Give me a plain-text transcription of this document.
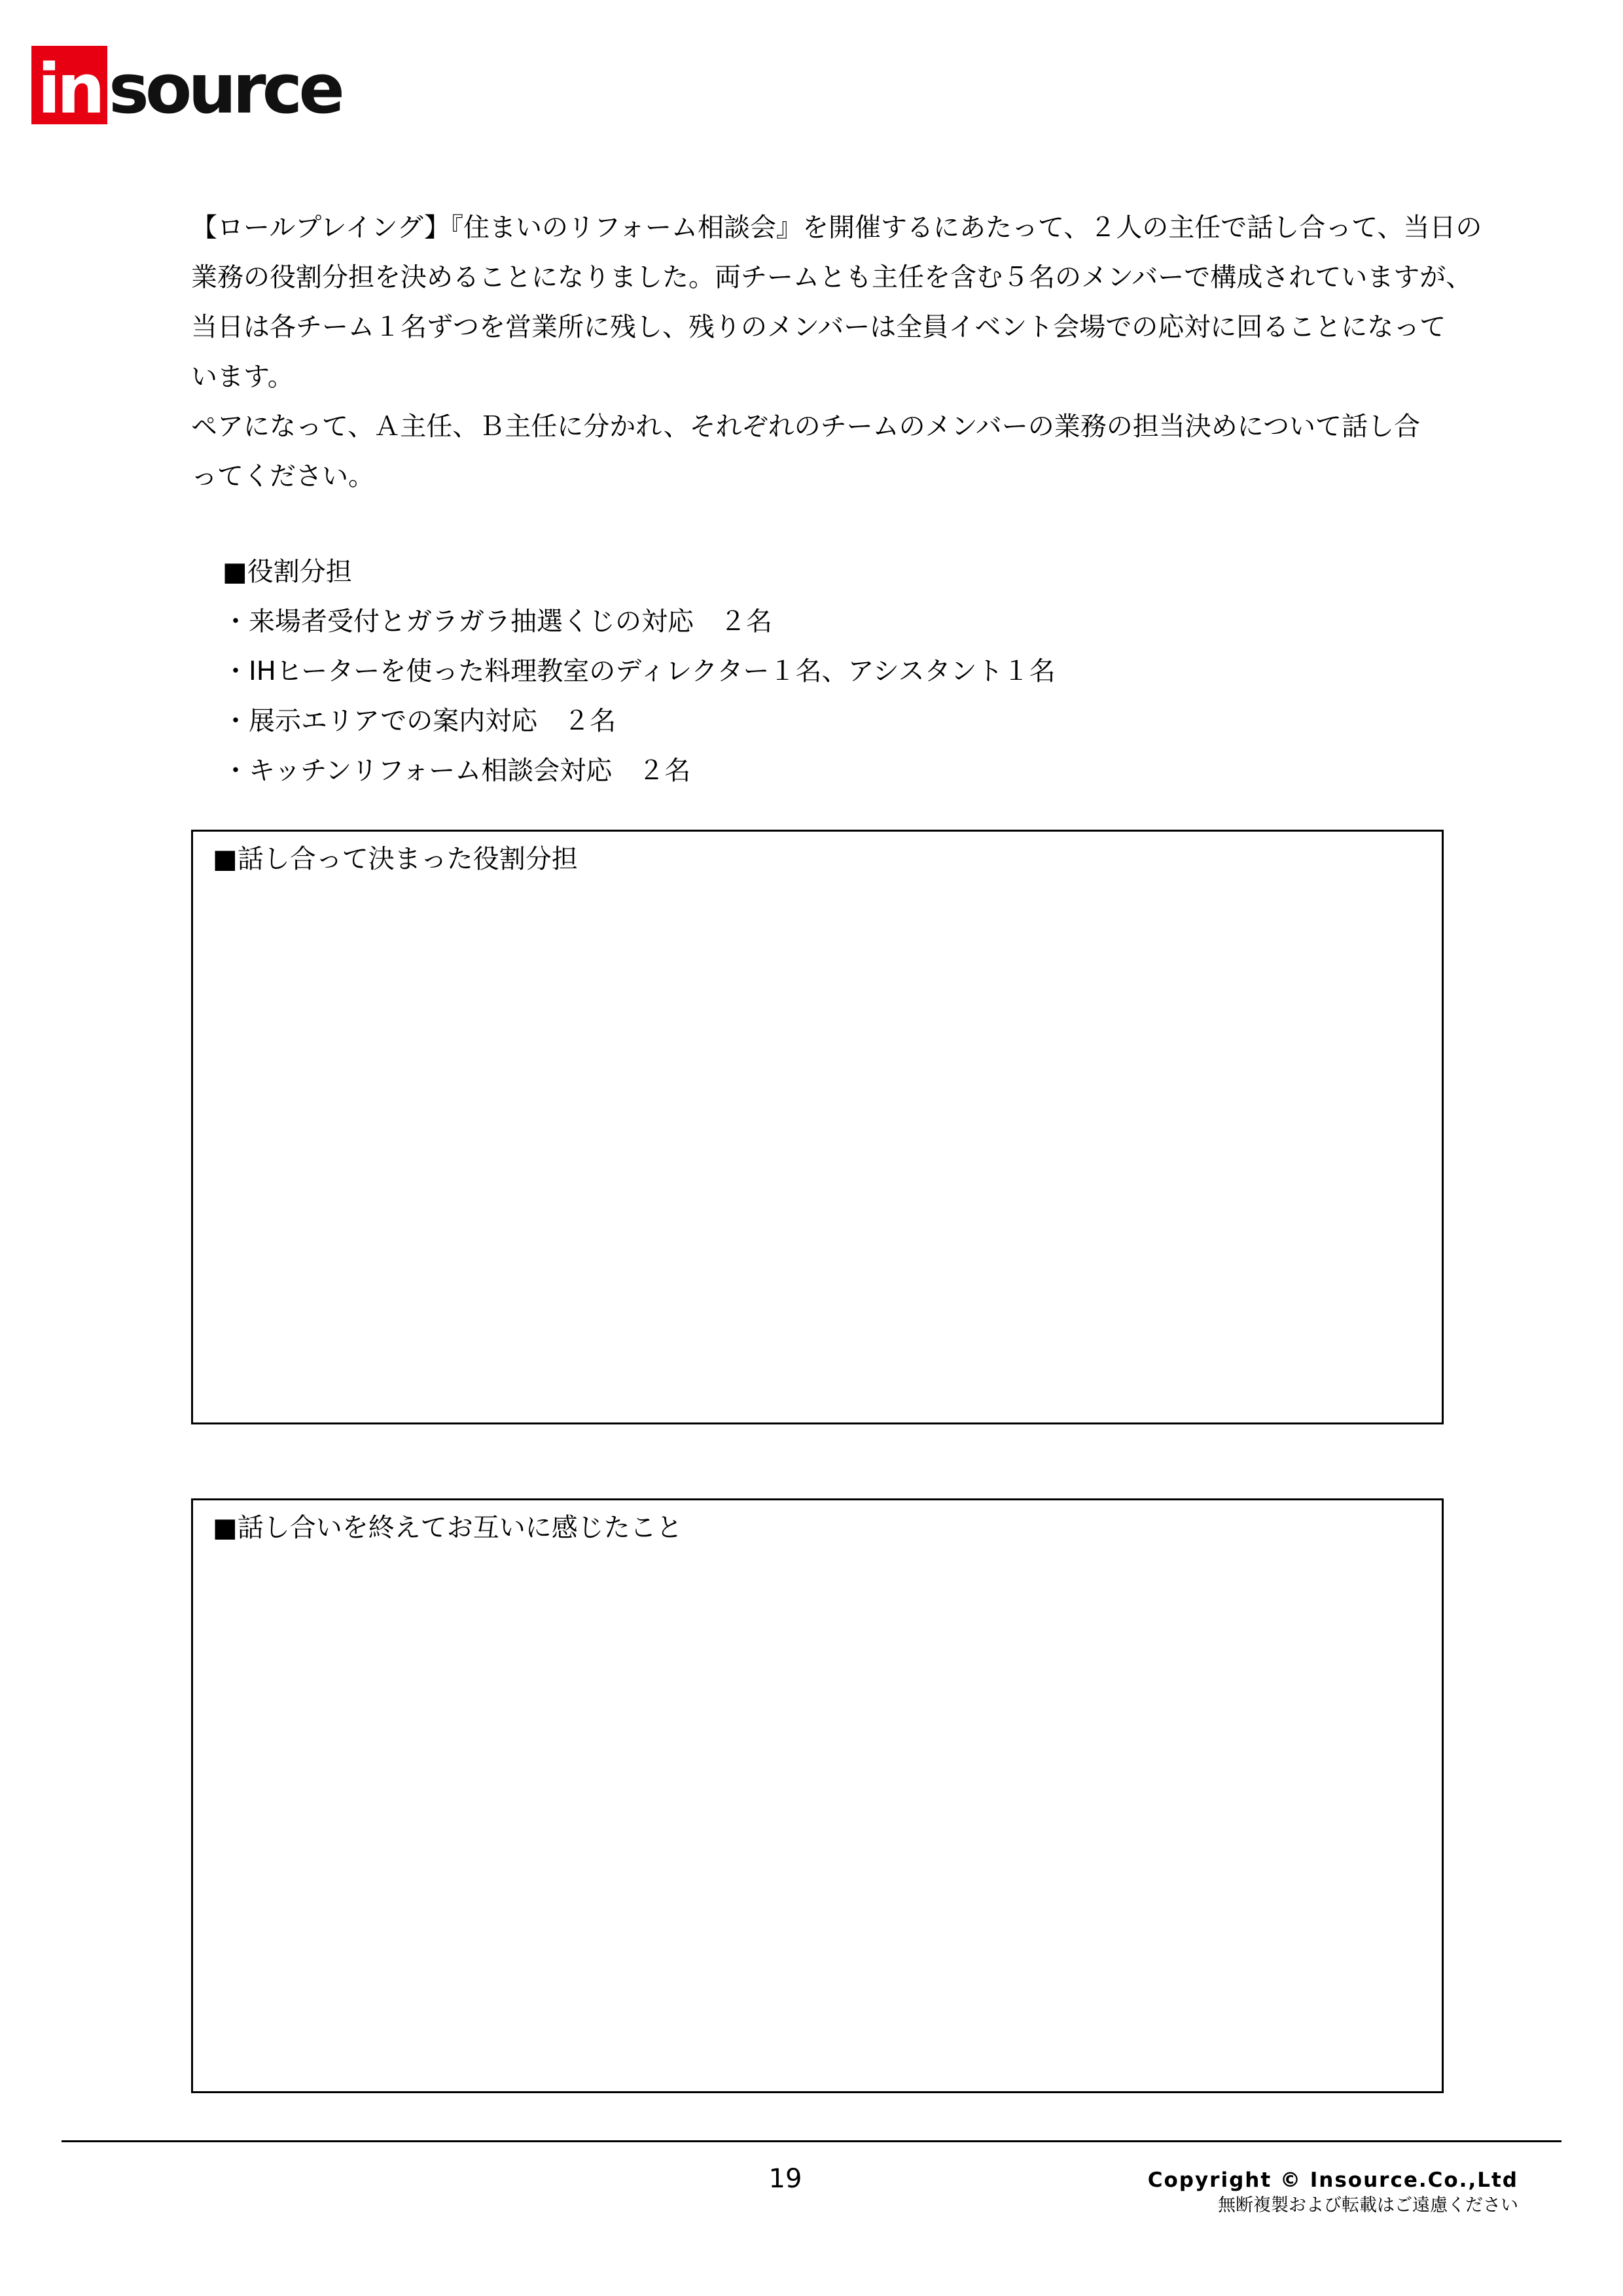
in source

【ロールプレイング】『住まいのリフォーム相談会』を開催するにあたって、２人の主任で話し合って、当日の

業務の役割分担を決めることになりました。両チームとも主任を含む５名のメンバーで構成されていますが、

当日は各チーム１名ずつを営業所に残し、残りのメンバーは全員イベント会場での応対に回ることになって

います。

ペアになって、Ａ主任、Ｂ主任に分かれ、それぞれのチームのメンバーの業務の担当決めについて話し合

ってください。

■役割分担

・来場者受付とガラガラ抽選くじの対応　２名

・IHヒーターを使った料理教室のディレクター１名、アシスタント１名

・展示エリアでの案内対応　２名

・キッチンリフォーム相談会対応　２名

■話し合って決まった役割分担
■話し合いを終えてお互いに感じたこと
19	Copyright © Insource.Co.,Ltd
無断複製および転載はご遠慮ください
